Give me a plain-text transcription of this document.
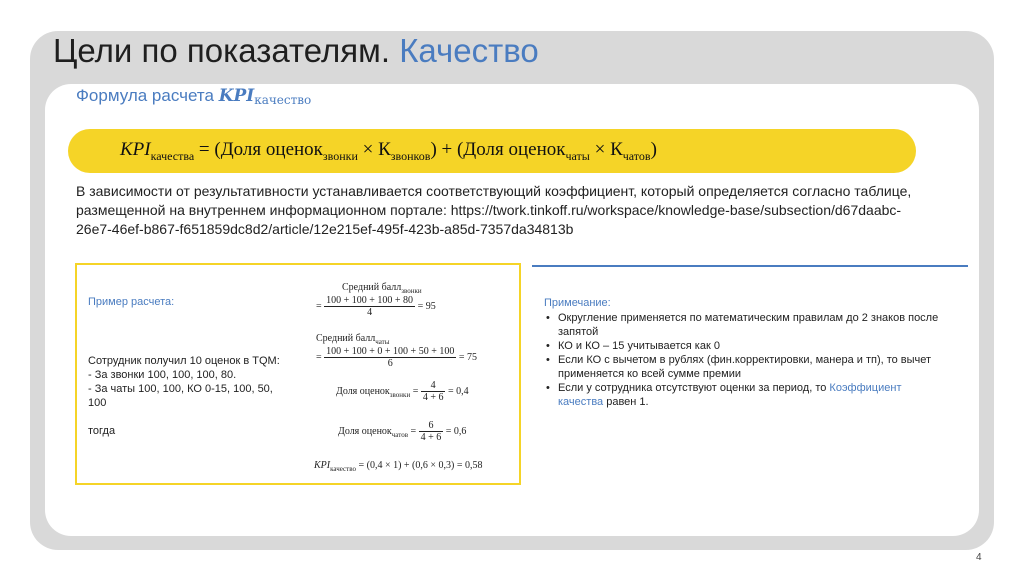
Цели по показателям. Качество
Формула расчета $KPI_{качество}$
$KPI_{качества}$ = (Доля оценок$_{звонки}$ × $К_{звонков}$) + (Доля оценок$_{чаты}$ × $К_{чатов}$)

В зависимости от результативности устанавливается соответствующий коэффициент, который определяется согласно таблице, размещенной на внутреннем информационном портале: https://twork.tinkoff.ru/workspace/knowledge-base/subsection/d67daabc-26e7-46ef-b867-f651859dc8d2/article/12e215ef-495f-423b-a85d-7357da34813b

Пример расчета:

Сотрудник получил 10 оценок в TQM:
- За звонки 100, 100, 100, 80.
- За чаты 100, 100, КО 0-15, 100, 50, 100

тогда

Средний балл$_{звонки}$
= $\frac{100 + 100 + 100 + 80}{4} = 95$
Средний балл$_{чаты}$
= $\frac{100 + 100 + 0 + 100 + 50 + 100}{6} = 75$
Доля оценок$_{звонки}$ = $\frac{4}{4 + 6} = 0,4$
Доля оценок$_{чатов}$ = $\frac{6}{4 + 6} = 0,6$
$KPI_{качество} = (0,4 \times 1) + (0,6 \times 0,3) = 0,58$

Примечание:

• Округление применяется по математическим правилам до 2 знаков после запятой
• КО и КО – 15 учитывается как 0
• Если КО с вычетом в рублях (фин.корректировки, манера и тп), то вычет применяется ко всей сумме премии
• Если у сотрудника отсутствуют оценки за период, то Коэффициент качества равен 1.
4
